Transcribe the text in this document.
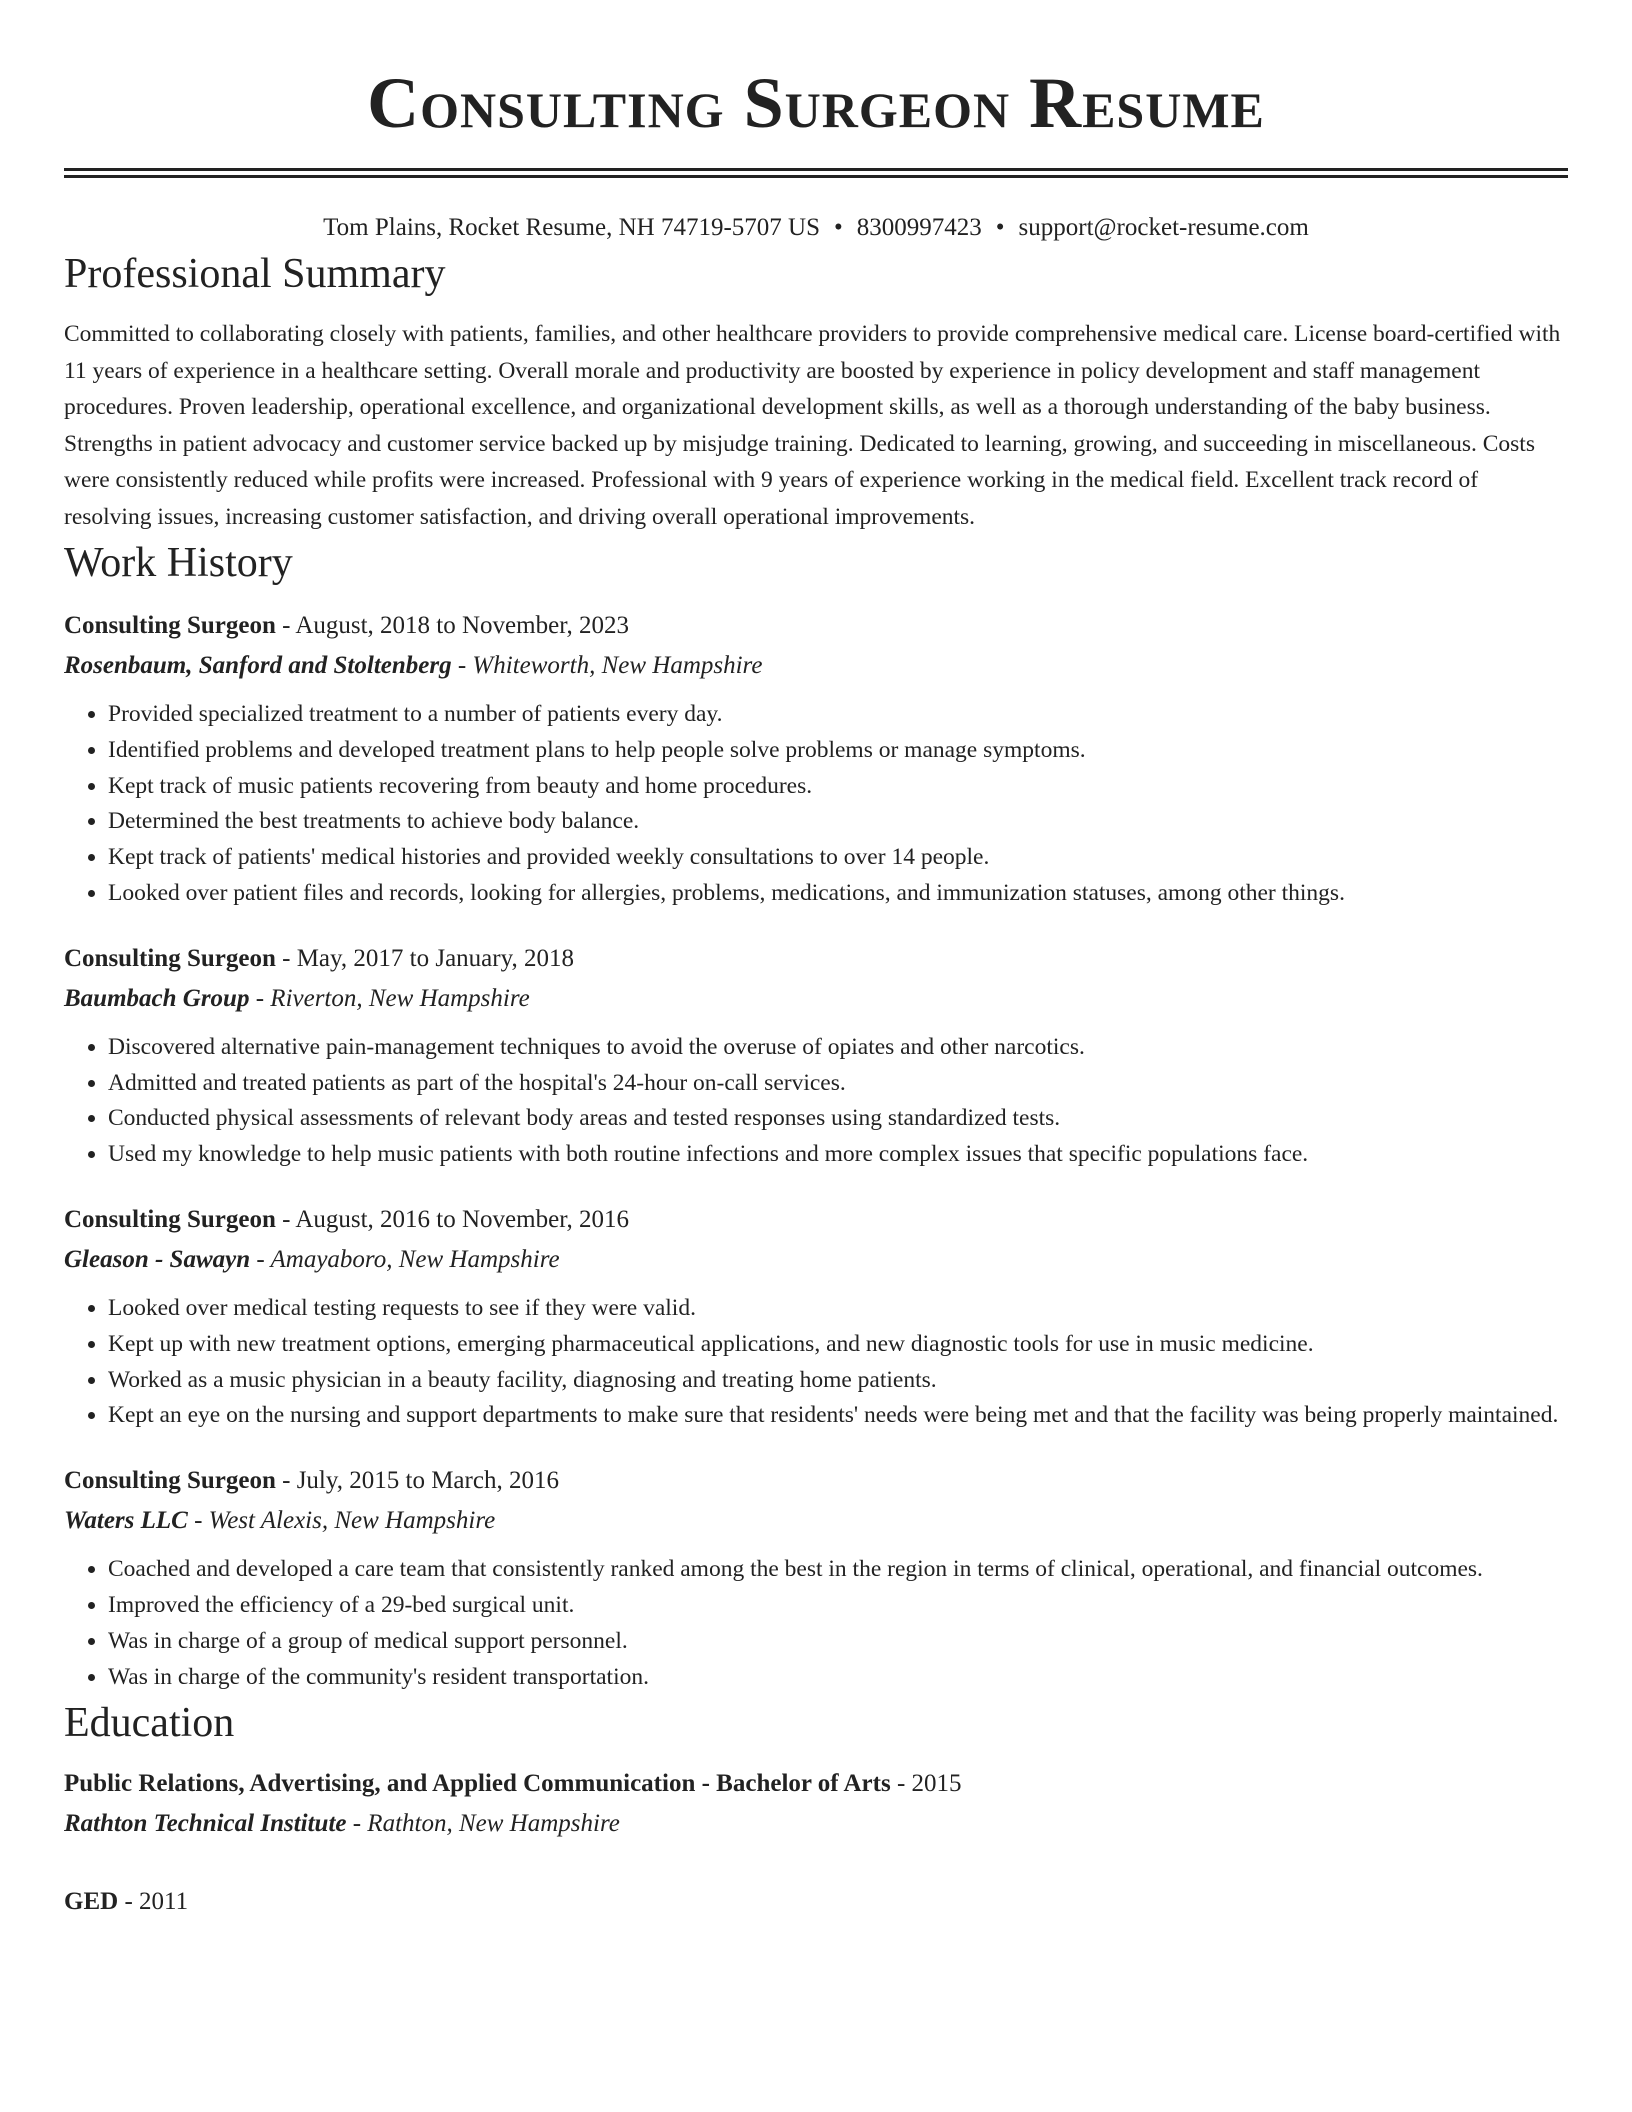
Consulting Surgeon Resume
Tom Plains, Rocket Resume, NH 74719-5707 US • 8300997423 • support@rocket-resume.com
Professional Summary

Committed to collaborating closely with patients, families, and other healthcare providers to provide comprehensive medical care. License board-certified with 11 years of experience in a healthcare setting. Overall morale and productivity are boosted by experience in policy development and staff management procedures. Proven leadership, operational excellence, and organizational development skills, as well as a thorough understanding of the baby business. Strengths in patient advocacy and customer service backed up by misjudge training. Dedicated to learning, growing, and succeeding in miscellaneous. Costs were consistently reduced while profits were increased. Professional with 9 years of experience working in the medical field. Excellent track record of resolving issues, increasing customer satisfaction, and driving overall operational improvements.

Work History
Consulting Surgeon - August, 2018 to November, 2023
Rosenbaum, Sanford and Stoltenberg - Whiteworth, New Hampshire
• Provided specialized treatment to a number of patients every day.
• Identified problems and developed treatment plans to help people solve problems or manage symptoms.
• Kept track of music patients recovering from beauty and home procedures.
• Determined the best treatments to achieve body balance.
• Kept track of patients' medical histories and provided weekly consultations to over 14 people.
• Looked over patient files and records, looking for allergies, problems, medications, and immunization statuses, among other things.
Consulting Surgeon - May, 2017 to January, 2018
Baumbach Group - Riverton, New Hampshire
• Discovered alternative pain-management techniques to avoid the overuse of opiates and other narcotics.
• Admitted and treated patients as part of the hospital's 24-hour on-call services.
• Conducted physical assessments of relevant body areas and tested responses using standardized tests.
• Used my knowledge to help music patients with both routine infections and more complex issues that specific populations face.
Consulting Surgeon - August, 2016 to November, 2016
Gleason - Sawayn - Amayaboro, New Hampshire
• Looked over medical testing requests to see if they were valid.
• Kept up with new treatment options, emerging pharmaceutical applications, and new diagnostic tools for use in music medicine.
• Worked as a music physician in a beauty facility, diagnosing and treating home patients.
• Kept an eye on the nursing and support departments to make sure that residents' needs were being met and that the facility was being properly maintained.
Consulting Surgeon - July, 2015 to March, 2016
Waters LLC - West Alexis, New Hampshire
• Coached and developed a care team that consistently ranked among the best in the region in terms of clinical, operational, and financial outcomes.
• Improved the efficiency of a 29-bed surgical unit.
• Was in charge of a group of medical support personnel.
• Was in charge of the community's resident transportation.
Education
Public Relations, Advertising, and Applied Communication - Bachelor of Arts - 2015
Rathton Technical Institute - Rathton, New Hampshire
GED - 2011
